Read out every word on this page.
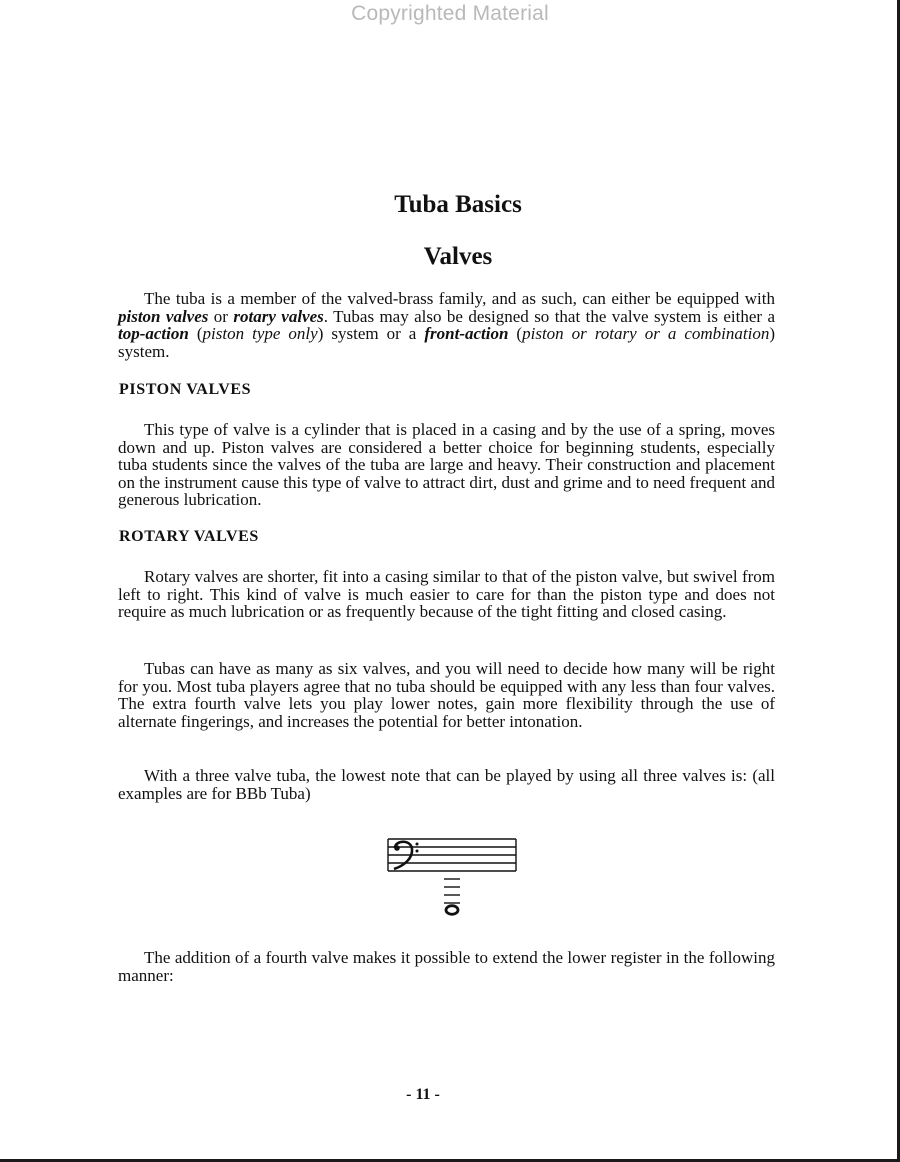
Copyrighted Material
Tuba Basics
Valves

The tuba is a member of the valved-brass family, and as such, can either be equipped with piston valves or rotary valves. Tubas may also be designed so that the valve system is either a top-action (piston type only) system or a front-action (piston or rotary or a combination) system.

PISTON VALVES

This type of valve is a cylinder that is placed in a casing and by the use of a spring, moves down and up. Piston valves are considered a better choice for beginning students, especially tuba students since the valves of the tuba are large and heavy. Their construction and placement on the instrument cause this type of valve to attract dirt, dust and grime and to need frequent and generous lubrication.

ROTARY VALVES

Rotary valves are shorter, fit into a casing similar to that of the piston valve, but swivel from left to right. This kind of valve is much easier to care for than the piston type and does not require as much lubrication or as frequently because of the tight fitting and closed casing.

Tubas can have as many as six valves, and you will need to decide how many will be right for you. Most tuba players agree that no tuba should be equipped with any less than four valves. The extra fourth valve lets you play lower notes, gain more flexibility through the use of alternate fingerings, and increases the potential for better intonation.

With a three valve tuba, the lowest note that can be played by using all three valves is: (all examples are for BBb Tuba)

The addition of a fourth valve makes it possible to extend the lower register in the following manner:

- 11 -
